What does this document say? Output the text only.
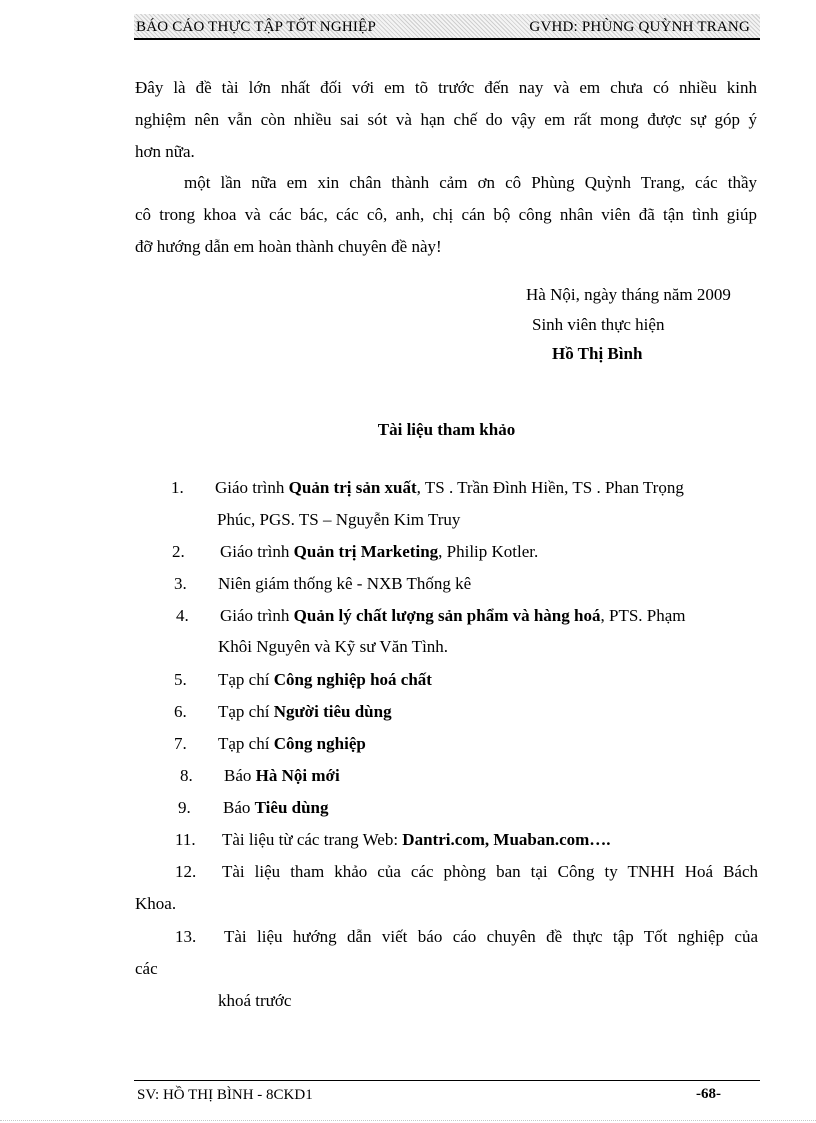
BÁO CÁO THỰC TẬP TỐT NGHIỆP	GVHD: PHÙNG QUỲNH TRANG
Đây là đề tài lớn nhất đối với em tõ trước đến nay và em chưa có nhiều kinh
nghiệm nên vẫn còn nhiều sai sót và hạn chế do vậy em rất mong được sự góp ý
hơn nữa.
một lần nữa em xin chân thành cảm ơn cô Phùng Quỳnh Trang, các thầy
cô trong khoa và các bác, các cô, anh, chị cán bộ công nhân viên đã tận tình giúp
đỡ hướng dẫn em hoàn thành chuyên đề này!
Hà Nội, ngày tháng năm 2009
Sinh viên thực hiện
Hồ Thị Bình
Tài liệu tham khảo
1. Giáo trình Quản trị sản xuất, TS . Trần Đình Hiền, TS . Phan Trọng
Phúc, PGS. TS – Nguyễn Kim Truy
2. Giáo trình Quản trị Marketing, Philip Kotler.
3. Niên giám thống kê - NXB Thống kê
4. Giáo trình Quản lý chất lượng sản phẩm và hàng hoá, PTS. Phạm
Khôi Nguyên và Kỹ sư Văn Tình.
5. Tạp chí Công nghiệp hoá chất
6. Tạp chí Người tiêu dùng
7. Tạp chí Công nghiệp
8. Báo Hà Nội mới
9. Báo Tiêu dùng
11. Tài liệu từ các trang Web: Dantri.com, Muaban.com….
12. Tài liệu tham khảo của các phòng ban tại Công ty TNHH Hoá Bách
Khoa.
13. Tài liệu hướng dẫn viết báo cáo chuyên đề thực tập Tốt nghiệp của
các
khoá trước
SV: HỒ THỊ BÌNH - 8CKD1	-68-
